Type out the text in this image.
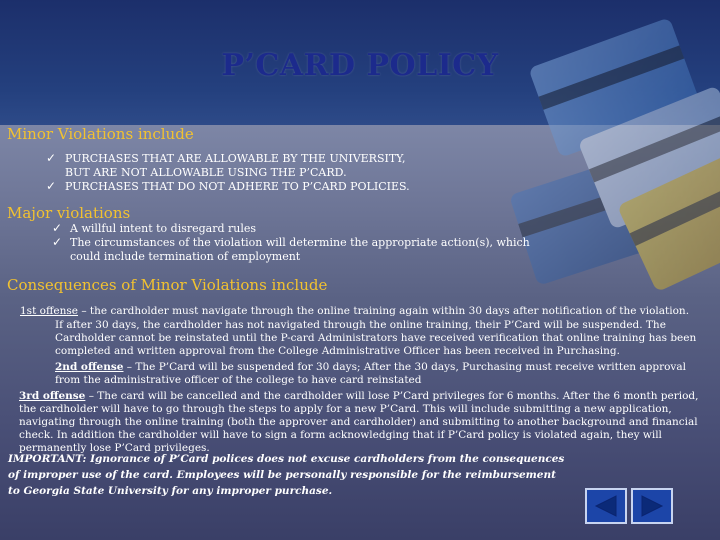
P’CARD POLICY
Minor Violations include
✓ PURCHASES THAT ARE ALLOWABLE BY THE UNIVERSITY,
BUT ARE NOT ALLOWABLE USING THE P’CARD.
✓ PURCHASES THAT DO NOT ADHERE TO P’CARD POLICIES.
Major violations
✓ A willful intent to disregard rules
✓ The circumstances of the violation will determine the appropriate action(s), which
could include termination of employment
Consequences of Minor Violations include
1st offense – the cardholder must navigate through the online training again within 30 days after notification of the violation.
If after 30 days, the cardholder has not navigated through the online training, their P’Card will be suspended. The Cardholder cannot be reinstated until the P-card Administrators have received verification that online training has been completed and written approval from the College Administrative Officer has been received in Purchasing.
2nd offense – The P’Card will be suspended for 30 days; After the 30 days, Purchasing must receive written approval from the administrative officer of the college to have card reinstated
3rd offense – The card will be cancelled and the cardholder will lose P’Card privileges for 6 months. After the 6 month period, the cardholder will have to go through the steps to apply for a new P’Card. This will include submitting a new application, navigating through the online training (both the approver and cardholder) and submitting to another background and financial check. In addition the cardholder will have to sign a form acknowledging that if P’Card policy is violated again, they will permanently lose P’Card privileges.
IMPORTANT: Ignorance of P’Card polices does not excuse cardholders from the consequences of improper use of the card. Employees will be personally responsible for the reimbursement to Georgia State University for any improper purchase.
